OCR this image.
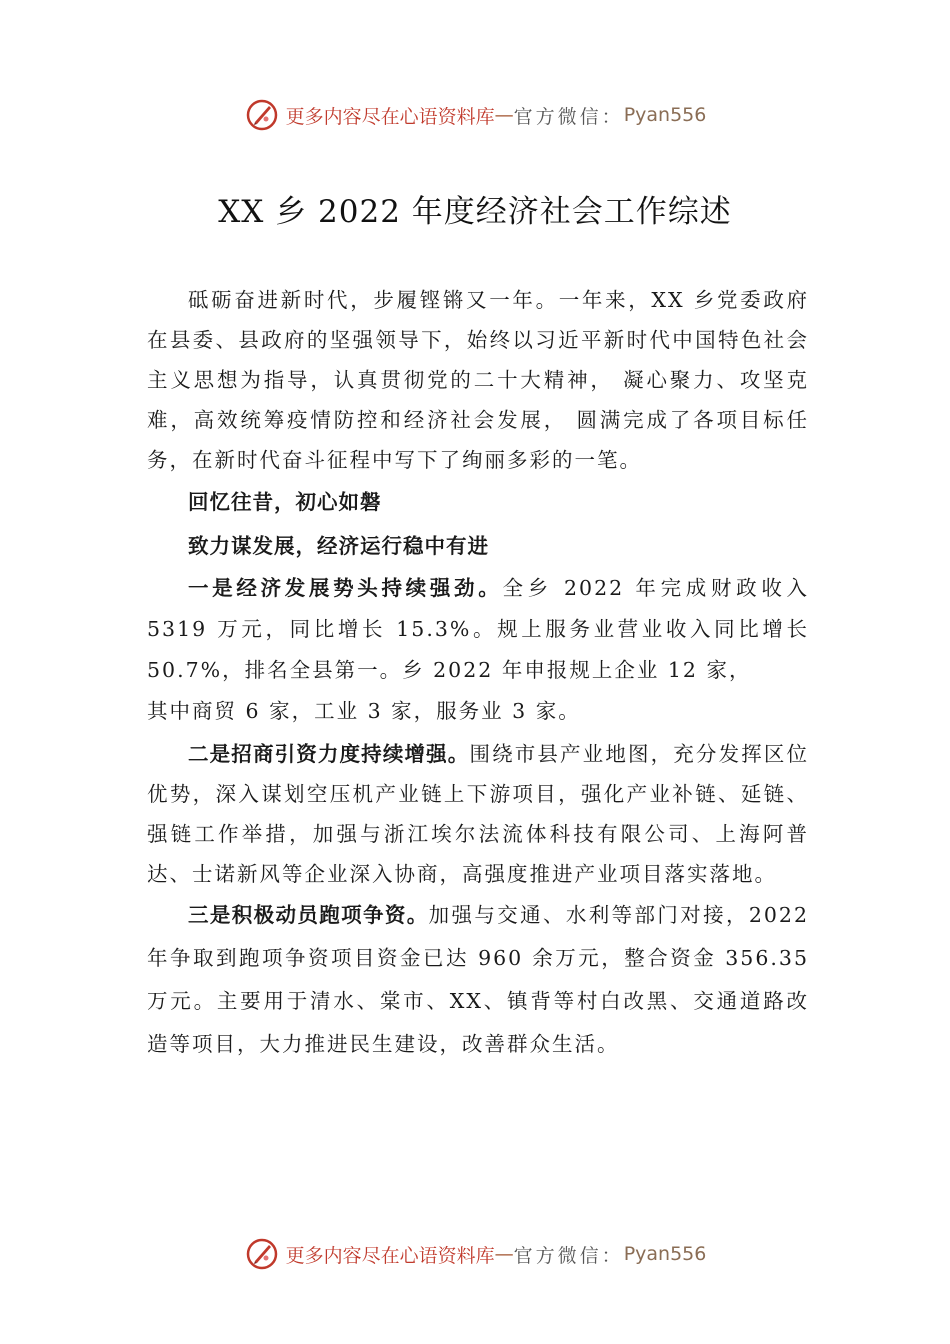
更多内容尽在心语资料库 — 官方微信： Pyan556
XX 乡 2022 年度经济社会工作综述

砥砺奋进新时代，步履铿锵又一年。一年来，XX 乡党委政府在县委、县政府的坚强领导下，始终以习近平新时代中国特色社会主义思想为指导，认真贯彻党的二十大精神， 凝心聚力、攻坚克难，高效统筹疫情防控和经济社会发展， 圆满完成了各项目标任务，在新时代奋斗征程中写下了绚丽多彩的一笔。

回忆往昔，初心如磐

致力谋发展，经济运行稳中有进

一是经济发展势头持续强劲。全乡 2022 年完成财政收入 5319 万元，同比增长 15.3%。规上服务业营业收入同比增长 50.7%，排名全县第一。乡 2022 年申报规上企业 12 家，

其中商贸 6 家，工业 3 家，服务业 3 家。

二是招商引资力度持续增强。围绕市县产业地图，充分发挥区位优势，深入谋划空压机产业链上下游项目，强化产业补链、延链、强链工作举措，加强与浙江埃尔法流体科技有限公司、上海阿普达、士诺新风等企业深入协商，高强度推进产业项目落实落地。

三是积极动员跑项争资。加强与交通、水利等部门对接，2022 年争取到跑项争资项目资金已达 960 余万元，整合资金 356.35 万元。主要用于清水、棠市、XX、镇背等村白改黑、交通道路改造等项目，大力推进民生建设，改善群众生活。

更多内容尽在心语资料库 — 官方微信： Pyan556
